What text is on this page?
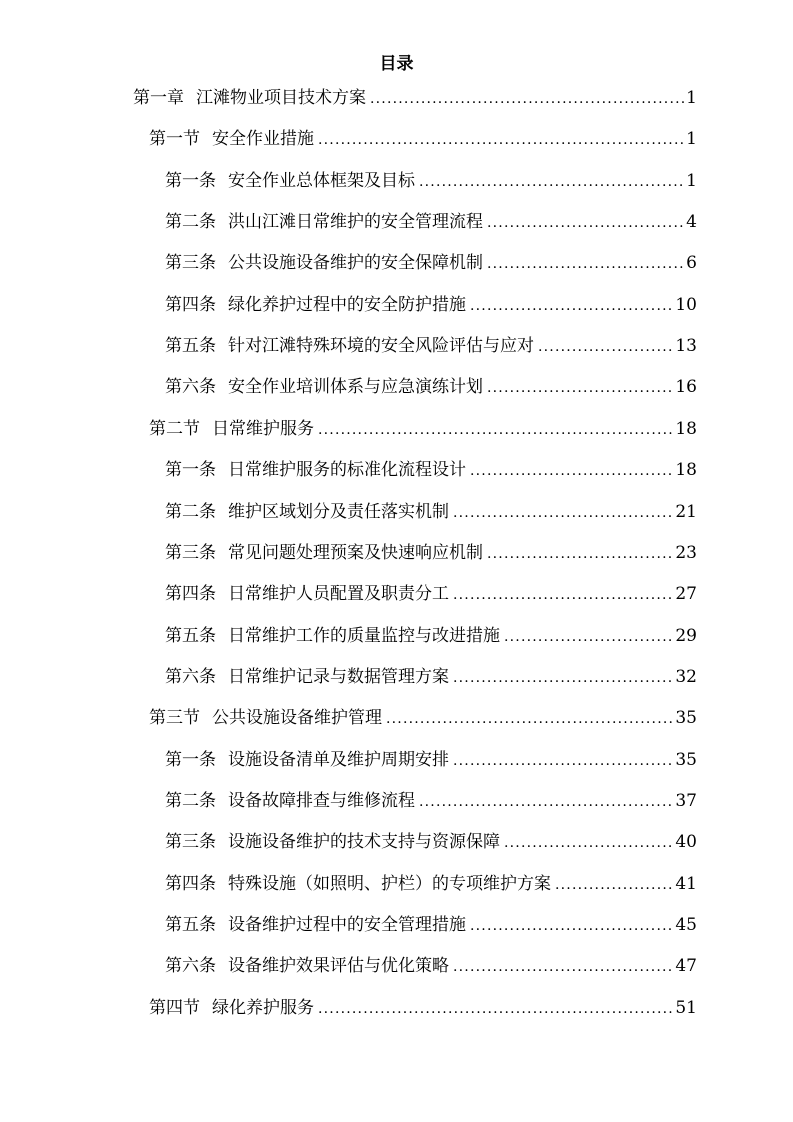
目录
第一章 江滩物业项目技术方案 .....	1
第一节 安全作业措施 .....	1
第一条 安全作业总体框架及目标 .....	1
第二条 洪山江滩日常维护的安全管理流程 .....	4
第三条 公共设施设备维护的安全保障机制 .....	6
第四条 绿化养护过程中的安全防护措施 .....	10
第五条 针对江滩特殊环境的安全风险评估与应对 .....	13
第六条 安全作业培训体系与应急演练计划 .....	16
第二节 日常维护服务 .....	18
第一条 日常维护服务的标准化流程设计 .....	18
第二条 维护区域划分及责任落实机制 .....	21
第三条 常见问题处理预案及快速响应机制 .....	23
第四条 日常维护人员配置及职责分工 .....	27
第五条 日常维护工作的质量监控与改进措施 .....	29
第六条 日常维护记录与数据管理方案 .....	32
第三节 公共设施设备维护管理 .....	35
第一条 设施设备清单及维护周期安排 .....	35
第二条 设备故障排查与维修流程 .....	37
第三条 设施设备维护的技术支持与资源保障 .....	40
第四条 特殊设施（如照明、护栏）的专项维护方案 .....	41
第五条 设备维护过程中的安全管理措施 .....	45
第六条 设备维护效果评估与优化策略 .....	47
第四节 绿化养护服务 .....	51
